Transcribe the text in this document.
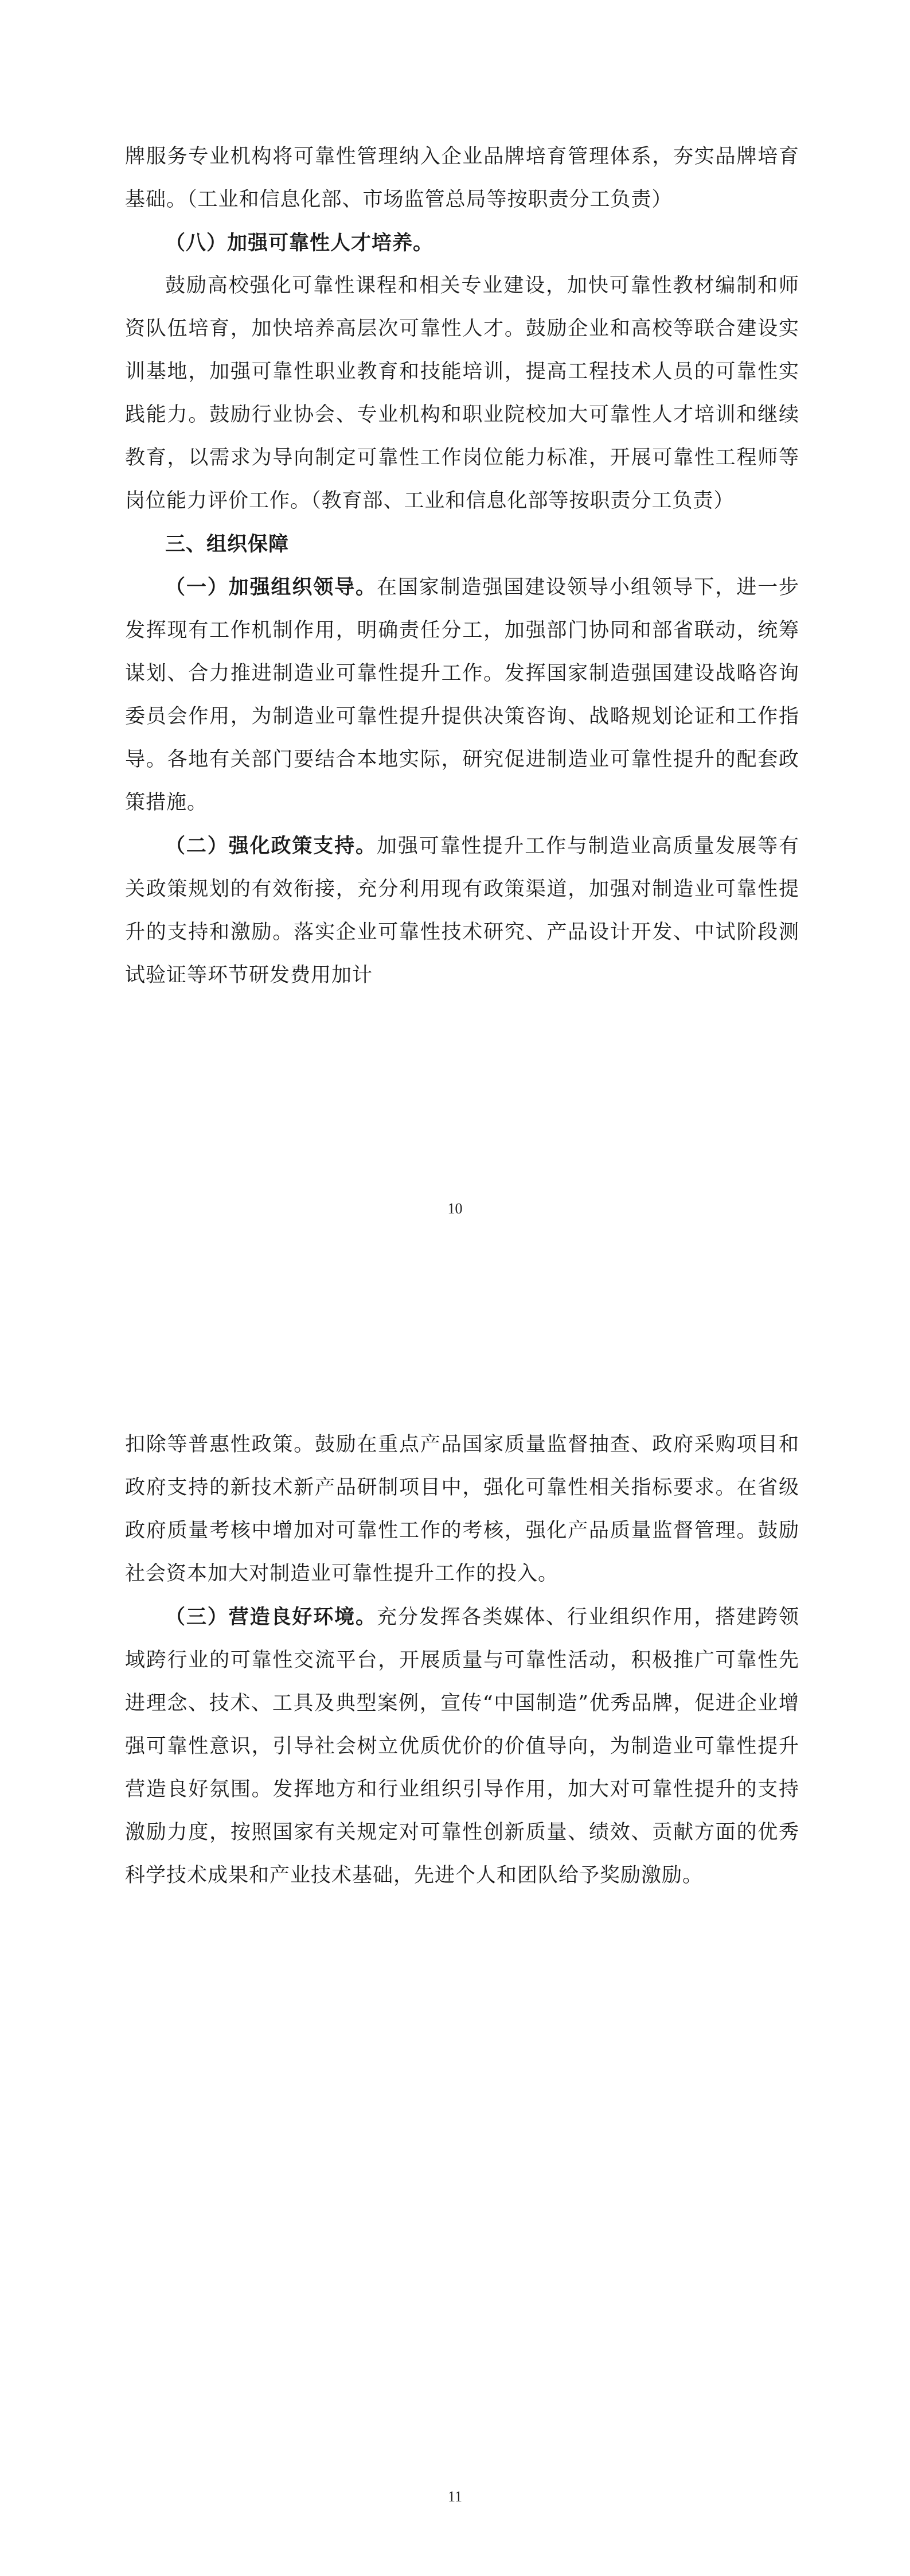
牌服务专业机构将可靠性管理纳入企业品牌培育管理体系，夯实品牌培育基础。（工业和信息化部、市场监管总局等按职责分工负责）

（八）加强可靠性人才培养。

鼓励高校强化可靠性课程和相关专业建设，加快可靠性教材编制和师资队伍培育，加快培养高层次可靠性人才。鼓励企业和高校等联合建设实训基地，加强可靠性职业教育和技能培训，提高工程技术人员的可靠性实践能力。鼓励行业协会、专业机构和职业院校加大可靠性人才培训和继续教育，以需求为导向制定可靠性工作岗位能力标准，开展可靠性工程师等岗位能力评价工作。（教育部、工业和信息化部等按职责分工负责）

三、组织保障

（一）加强组织领导。在国家制造强国建设领导小组领导下，进一步发挥现有工作机制作用，明确责任分工，加强部门协同和部省联动，统筹谋划、合力推进制造业可靠性提升工作。发挥国家制造强国建设战略咨询委员会作用，为制造业可靠性提升提供决策咨询、战略规划论证和工作指导。各地有关部门要结合本地实际，研究促进制造业可靠性提升的配套政策措施。

（二）强化政策支持。加强可靠性提升工作与制造业高质量发展等有关政策规划的有效衔接，充分利用现有政策渠道，加强对制造业可靠性提升的支持和激励。落实企业可靠性技术研究、产品设计开发、中试阶段测试验证等环节研发费用加计

10

扣除等普惠性政策。鼓励在重点产品国家质量监督抽查、政府采购项目和政府支持的新技术新产品研制项目中，强化可靠性相关指标要求。在省级政府质量考核中增加对可靠性工作的考核，强化产品质量监督管理。鼓励社会资本加大对制造业可靠性提升工作的投入。

（三）营造良好环境。充分发挥各类媒体、行业组织作用，搭建跨领域跨行业的可靠性交流平台，开展质量与可靠性活动，积极推广可靠性先进理念、技术、工具及典型案例，宣传“中国制造”优秀品牌，促进企业增强可靠性意识，引导社会树立优质优价的价值导向，为制造业可靠性提升营造良好氛围。发挥地方和行业组织引导作用，加大对可靠性提升的支持激励力度，按照国家有关规定对可靠性创新质量、绩效、贡献方面的优秀科学技术成果和产业技术基础，先进个人和团队给予奖励激励。

11
